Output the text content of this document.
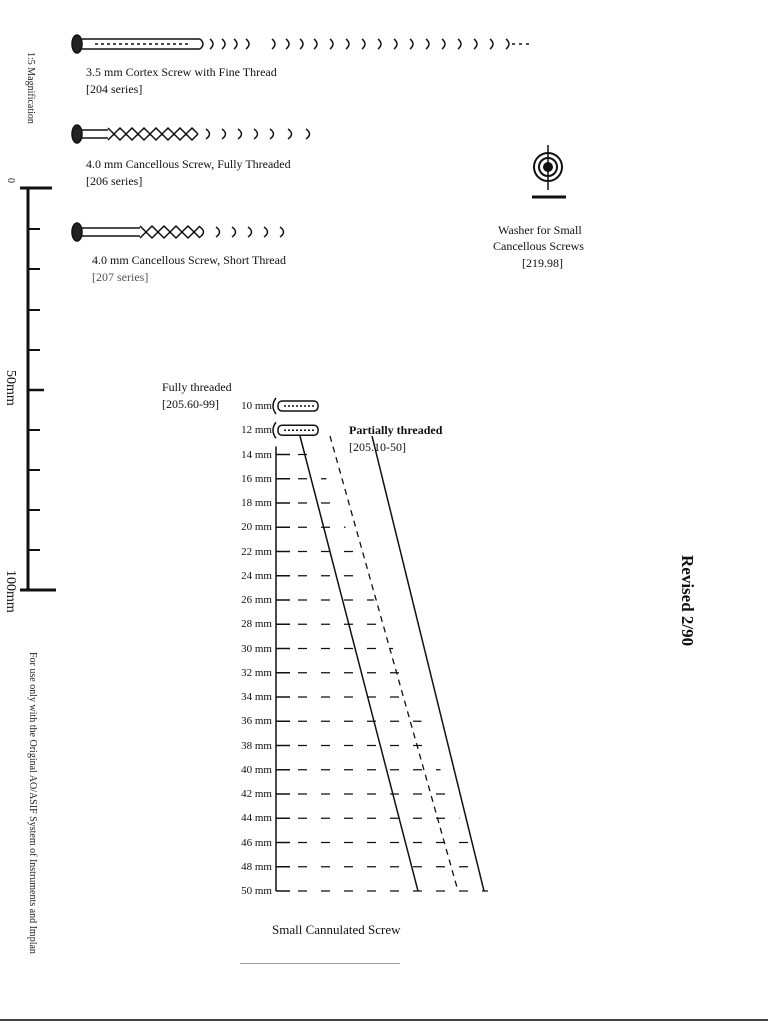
1:5 Magnification
0
For use only with the Original AO/ASIF System of Instruments and Implan
50mm
100mm
3.5 mm Cortex Screw with Fine Thread
[204 series]
4.0 mm Cancellous Screw, Fully Threaded
[206 series]
4.0 mm Cancellous Screw, Short Thread
[207 series]
Washer for Small
Cancellous Screws
[219.98]
Fully threaded
[205.60-99]
Partially threaded
[205.10-50]
10 mm
12 mm
14 mm
16 mm
18 mm
20 mm
22 mm
24 mm
26 mm
28 mm
30 mm
32 mm
34 mm
36 mm
38 mm
40 mm
42 mm
44 mm
46 mm
48 mm
50 mm
Small Cannulated Screw
Revised 2/90
